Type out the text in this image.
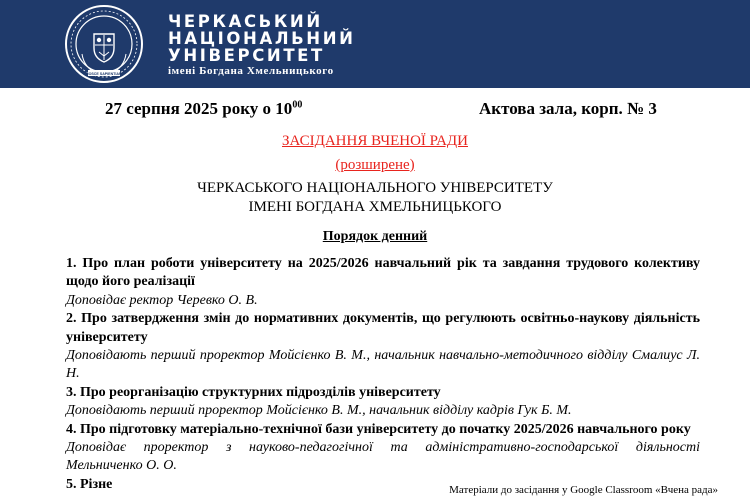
ROSCE SAPIENTIAM
ЧЕРКАСЬКИЙ
НАЦІОНАЛЬНИЙ
УНІВЕРСИТЕТ
імені Богдана Хмельницького
27 серпня 2025 року о $10^{00}$	Актова зала, корп. № 3
ЗАСІДАННЯ ВЧЕНОЇ РАДИ
(розширене)
ЧЕРКАСЬКОГО НАЦІОНАЛЬНОГО УНІВЕРСИТЕТУ
ІМЕНІ БОГДАНА ХМЕЛЬНИЦЬКОГО
Порядок денний
1. Про план роботи університету на 2025/2026 навчальний рік та завдання трудового колективу щодо його реалізації
Доповідає ректор Черевко О. В.
2. Про затвердження змін до нормативних документів, що регулюють освітньо-наукову діяльність університету
Доповідають перший проректор Мойсієнко В. М., начальник навчально-методичного відділу Смалиус Л. Н.
3. Про реорганізацію структурних підрозділів університету
Доповідають перший проректор Мойсієнко В. М., начальник відділу кадрів Гук Б. М.
4. Про підготовку матеріально-технічної бази університету до початку 2025/2026 навчального року
Доповідає проректор з науково-педагогічної та адміністративно-господарської діяльності
Мельниченко О. О.
5. Різне	Матеріали до засідання у Google Classroom «Вчена рада»
